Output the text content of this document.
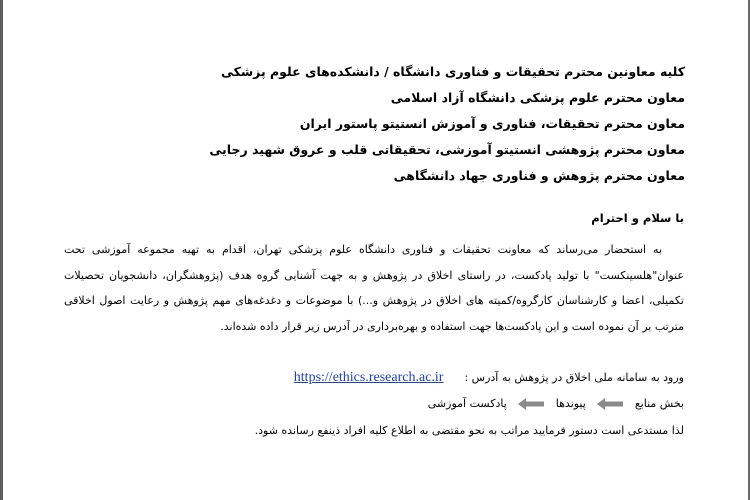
کلیه معاونین محترم تحقیقات و فناوری دانشگاه / دانشکده‌های علوم پزشکی
معاون محترم علوم پزشکی دانشگاه آزاد اسلامی
معاون محترم تحقیقات، فناوری و آموزش انستیتو پاستور ایران
معاون محترم پژوهشی انستیتو آموزشی، تحقیقاتی قلب و عروق شهید رجایی
معاون محترم پژوهش و فناوری جهاد دانشگاهی
با سلام و احترام

به استحضار می‌رساند که معاونت تحقیقات و فناوری دانشگاه علوم پزشکی تهران، اقدام به تهیه مجموعه آموزشی تحت عنوان"هلسینکست" با تولید پادکست، در راستای اخلاق در پژوهش و به جهت آشنایی گروه هدف (پژوهشگران، دانشجویان تحصیلات تکمیلی، اعضا و کارشناسان کارگروه/کمیته های اخلاق در پژوهش و...) با موضوعات و دغدغه‌های مهم پژوهش و رعایت اصول اخلاقی مترتب بر آن نموده است و این پادکست‌ها جهت استفاده و بهره‌برداری در آدرس زیر قرار داده شده‌اند.

ورود به سامانه ملی اخلاق در پژوهش به آدرس :  https://ethics.research.ac.ir
بخش منابع  پیوندها  پادکست آموزشی
لذا مستدعی است دستور فرمایید مراتب به نحو مقتضی به اطلاع کلیه افراد ذینفع رسانده شود.
